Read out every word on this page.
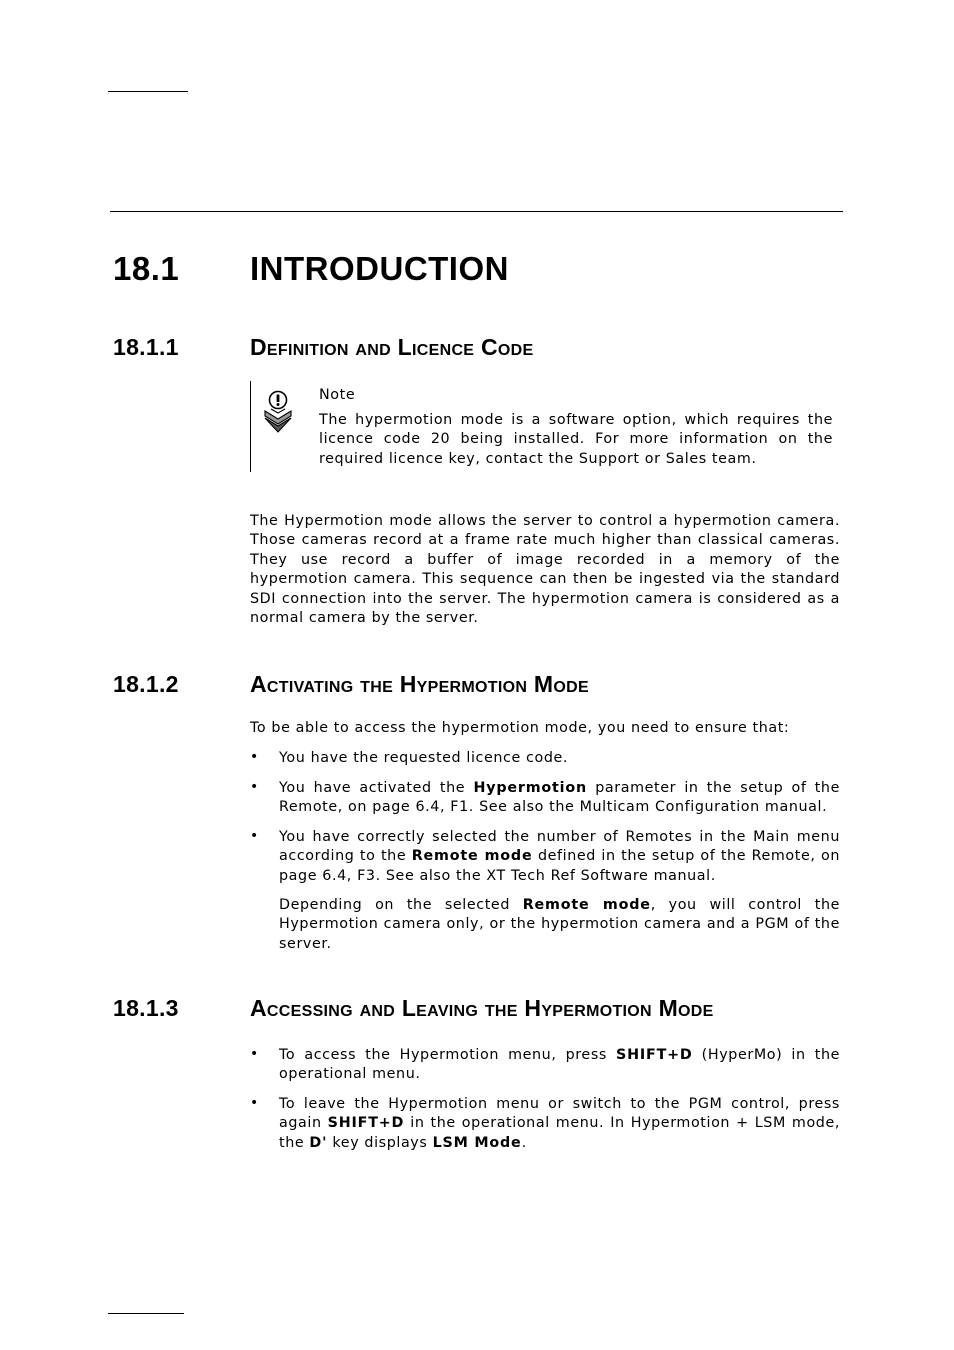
18.1 INTRODUCTION
18.1.1	Definition and Licence Code
Note
The hypermotion mode is a software option, which requires the licence code 20 being installed. For more information on the required licence key, contact the Support or Sales team.
The Hypermotion mode allows the server to control a hypermotion camera. Those cameras record at a frame rate much higher than classical cameras. They use record a buffer of image recorded in a memory of the hypermotion camera. This sequence can then be ingested via the standard SDI connection into the server. The hypermotion camera is considered as a normal camera by the server.
18.1.2	Activating the Hypermotion Mode
To be able to access the hypermotion mode, you need to ensure that:
• You have the requested licence code.
• You have activated the Hypermotion parameter in the setup of the Remote, on page 6.4, F1. See also the Multicam Configuration manual.
• You have correctly selected the number of Remotes in the Main menu according to the Remote mode defined in the setup of the Remote, on page 6.4, F3. See also the XT Tech Ref Software manual.
Depending on the selected Remote mode, you will control the Hypermotion camera only, or the hypermotion camera and a PGM of the server.
18.1.3	Accessing and Leaving the Hypermotion Mode
• To access the Hypermotion menu, press SHIFT+D (HyperMo) in the operational menu.
• To leave the Hypermotion menu or switch to the PGM control, press again SHIFT+D in the operational menu. In Hypermotion + LSM mode, the D' key displays LSM Mode.
